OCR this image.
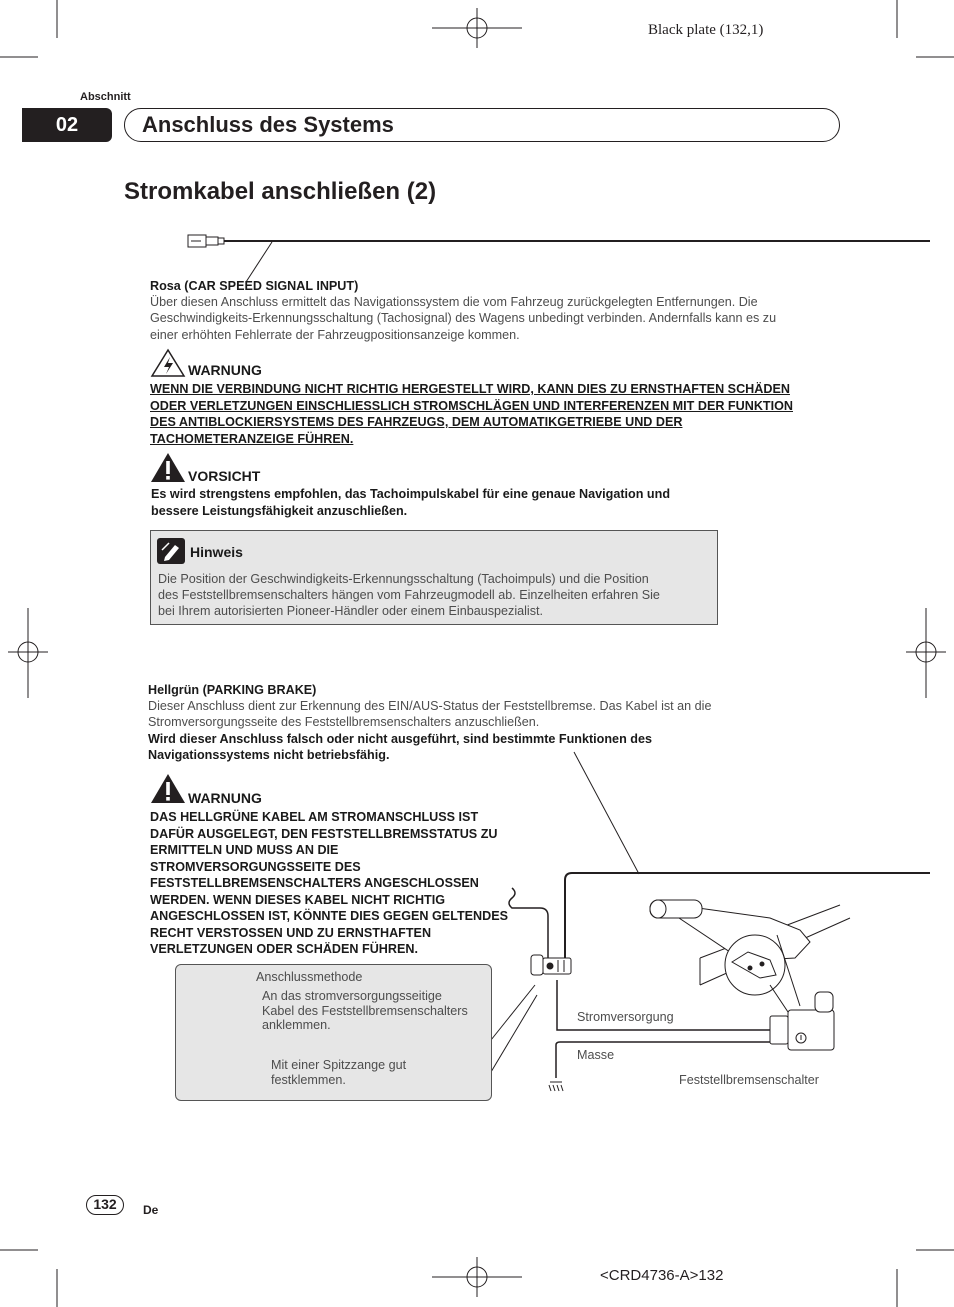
Black plate (132,1)
Abschnitt
02	Anschluss des Systems
Stromkabel anschließen (2)
Rosa (CAR SPEED SIGNAL INPUT)
Über diesen Anschluss ermittelt das Navigationssystem die vom Fahrzeug zurückgelegten Entfernungen. Die
Geschwindigkeits-Erkennungsschaltung (Tachosignal) des Wagens unbedingt verbinden. Andernfalls kann es zu
einer erhöhten Fehlerrate der Fahrzeugpositionsanzeige kommen.
WARNUNG
WENN DIE VERBINDUNG NICHT RICHTIG HERGESTELLT WIRD, KANN DIES ZU ERNSTHAFTEN SCHÄDEN
ODER VERLETZUNGEN EINSCHLIESSLICH STROMSCHLÄGEN UND INTERFERENZEN MIT DER FUNKTION
DES ANTIBLOCKIERSYSTEMS DES FAHRZEUGS, DEM AUTOMATIKGETRIEBE UND DER
TACHOMETERANZEIGE FÜHREN.
VORSICHT
Es wird strengstens empfohlen, das Tachoimpulskabel für eine genaue Navigation und
bessere Leistungsfähigkeit anzuschließen.
Hinweis
Die Position der Geschwindigkeits-Erkennungsschaltung (Tachoimpuls) und die Position
des Feststellbremsenschalters hängen vom Fahrzeugmodell ab. Einzelheiten erfahren Sie
bei Ihrem autorisierten Pioneer-Händler oder einem Einbauspezialist.
Hellgrün (PARKING BRAKE)
Dieser Anschluss dient zur Erkennung des EIN/AUS-Status der Feststellbremse. Das Kabel ist an die
Stromversorgungsseite des Feststellbremsenschalters anzuschließen.
Wird dieser Anschluss falsch oder nicht ausgeführt, sind bestimmte Funktionen des
Navigationssystems nicht betriebsfähig.
WARNUNG
DAS HELLGRÜNE KABEL AM STROMANSCHLUSS IST
DAFÜR AUSGELEGT, DEN FESTSTELLBREMSSTATUS ZU
ERMITTELN UND MUSS AN DIE
STROMVERSORGUNGSSEITE DES
FESTSTELLBREMSENSCHALTERS ANGESCHLOSSEN
WERDEN. WENN DIESES KABEL NICHT RICHTIG
ANGESCHLOSSEN IST, KÖNNTE DIES GEGEN GELTENDES
RECHT VERSTOSSEN UND ZU ERNSTHAFTEN
VERLETZUNGEN ODER SCHÄDEN FÜHREN.
Anschlussmethode
An das stromversorgungsseitige
Kabel des Feststellbremsenschalters
anklemmen.
Mit einer Spitzzange gut
festklemmen.
Stromversorgung
Masse
Feststellbremsenschalter
132	De
<CRD4736-A>132
